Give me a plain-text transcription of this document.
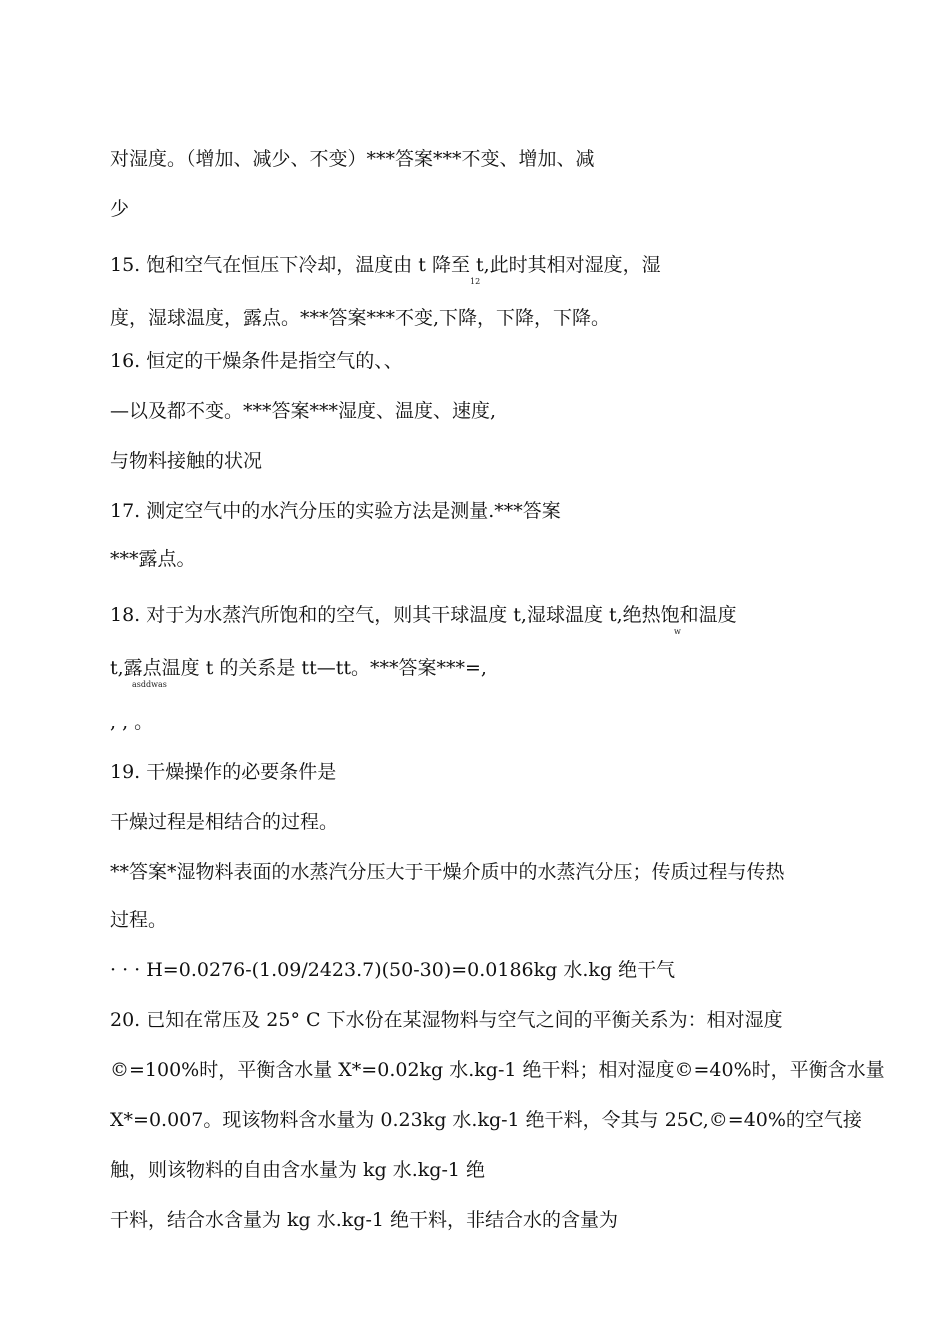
对湿度。（增加、减少、不变）***答案***不变、增加、减
少
15. 饱和空气在恒压下冷却，温度由 t 降至 t,此时其相对湿度，湿
12
度，湿球温度，露点。***答案***不变,下降，下降，下降。
16. 恒定的干燥条件是指空气的、、
—以及都不变。***答案***湿度、温度、速度,
与物料接触的状况
17. 测定空气中的水汽分压的实验方法是测量.***答案
***露点。
18. 对于为水蒸汽所饱和的空气，则其干球温度 t,湿球温度 t,绝热饱和温度
w
t,露点温度 t 的关系是 tt—tt。***答案***=,
asddwas
, , 。
19. 干燥操作的必要条件是
干燥过程是相结合的过程。
**答案*湿物料表面的水蒸汽分压大于干燥介质中的水蒸汽分压；传质过程与传热
过程。
· · · H=0.0276-(1.09/2423.7)(50-30)=0.0186kg 水.kg 绝干气
20. 已知在常压及 25° C 下水份在某湿物料与空气之间的平衡关系为：相对湿度
©=100%时，平衡含水量 X*=0.02kg 水.kg-1 绝干料；相对湿度©=40%时，平衡含水量
X*=0.007。现该物料含水量为 0.23kg 水.kg-1 绝干料，令其与 25C,©=40%的空气接
触，则该物料的自由含水量为 kg 水.kg-1 绝
干料，结合水含量为 kg 水.kg-1 绝干料，非结合水的含量为
